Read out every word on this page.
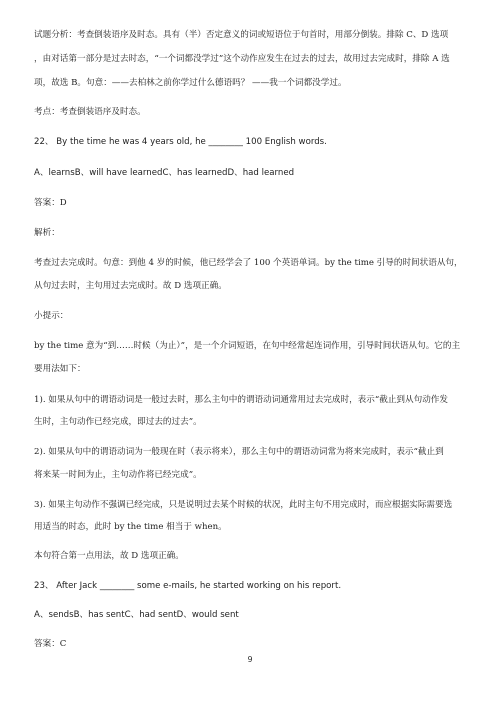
试题分析：考查倒装语序及时态。具有（半）否定意义的词或短语位于句首时，用部分倒装。排除 C、D 选项
，由对话第一部分是过去时态，“一个词都没学过”这个动作应发生在过去的过去，故用过去完成时，排除 A 选
项，故选 B。句意：——去柏林之前你学过什么德语吗？ ——我一个词都没学过。
考点：考查倒装语序及时态。
22、 By the time he was 4 years old, he ________ 100 English words.
A、learnsB、will have learnedC、has learnedD、had learned
答案：D
解析：
考查过去完成时。句意：到他 4 岁的时候，他已经学会了 100 个英语单词。by the time 引导的时间状语从句，
从句过去时，主句用过去完成时。故 D 选项正确。
小提示：
by the time 意为“到……时候（为止）”，是一个介词短语，在句中经常起连词作用，引导时间状语从句。它的主
要用法如下：
1). 如果从句中的谓语动词是一般过去时，那么主句中的谓语动词通常用过去完成时，表示“截止到从句动作发
生时，主句动作已经完成，即过去的过去”。
2). 如果从句中的谓语动词为一般现在时（表示将来），那么主句中的谓语动词常为将来完成时，表示“截止到
将来某一时间为止，主句动作将已经完成”。
3). 如果主句动作不强调已经完成，只是说明过去某个时候的状况，此时主句不用完成时，而应根据实际需要选
用适当的时态，此时 by the time 相当于 when。
本句符合第一点用法，故 D 选项正确。
23、 After Jack ________ some e-mails, he started working on his report.
A、sendsB、has sentC、had sentD、would sent
答案：C
9
